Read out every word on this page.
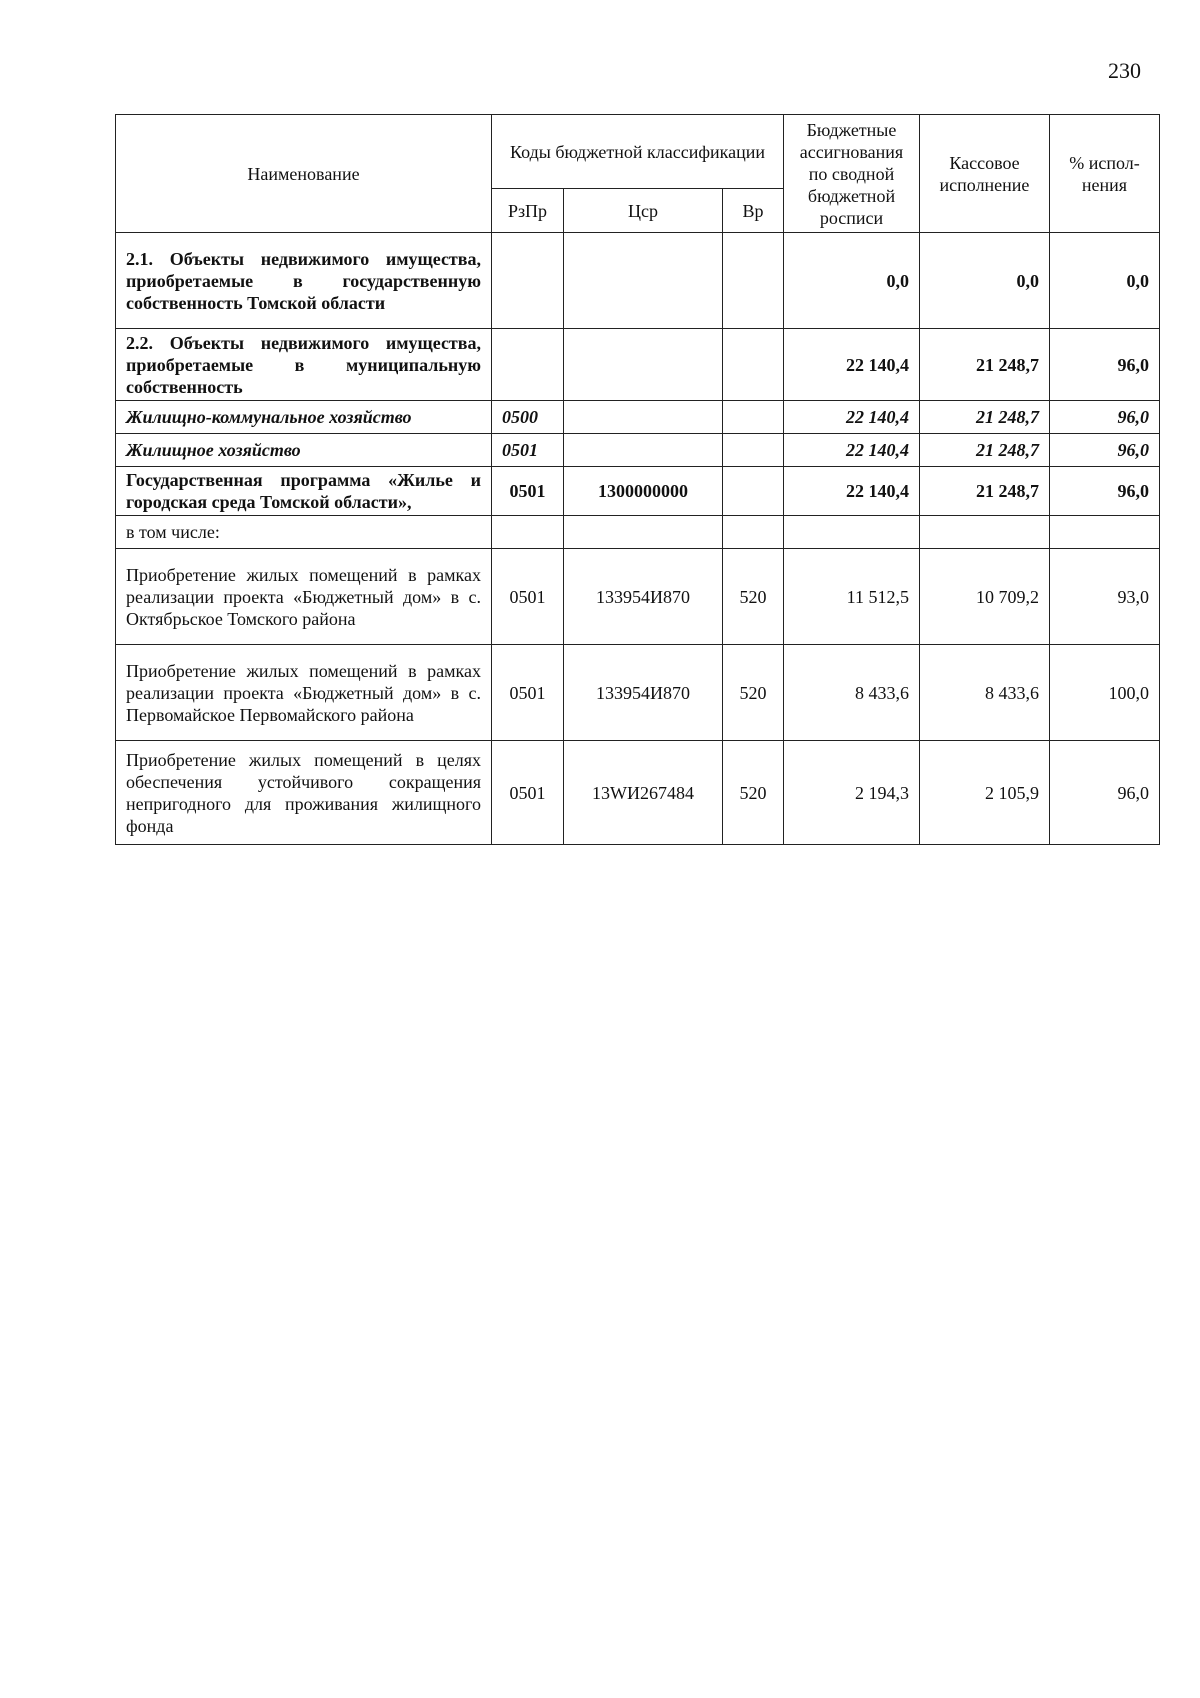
230
Наименование	Коды бюджетной классификации			Бюджетные ассигнования по сводной бюджетной росписи	Кассовое исполнение	% испол-нения
	РзПр	Цср	Вр			
2.1. Объекты недвижимого имущества, приобретаемые в государственную собственность Томской области				0,0	0,0	0,0
2.2. Объекты недвижимого имущества, приобретаемые в муниципальную собственность				22 140,4	21 248,7	96,0
Жилищно-коммунальное хозяйство	0500			22 140,4	21 248,7	96,0
Жилищное хозяйство	0501			22 140,4	21 248,7	96,0
Государственная программа «Жилье и городская среда Томской области»,	0501	1300000000		22 140,4	21 248,7	96,0
в том числе:						
Приобретение жилых помещений в рамках реализации проекта «Бюджетный дом» в с. Октябрьское Томского района	0501	133954И870	520	11 512,5	10 709,2	93,0
Приобретение жилых помещений в рамках реализации проекта «Бюджетный дом» в с. Первомайское Первомайского района	0501	133954И870	520	8 433,6	8 433,6	100,0
Приобретение жилых помещений в целях обеспечения устойчивого сокращения непригодного для проживания жилищного фонда	0501	13WИ267484	520	2 194,3	2 105,9	96,0
